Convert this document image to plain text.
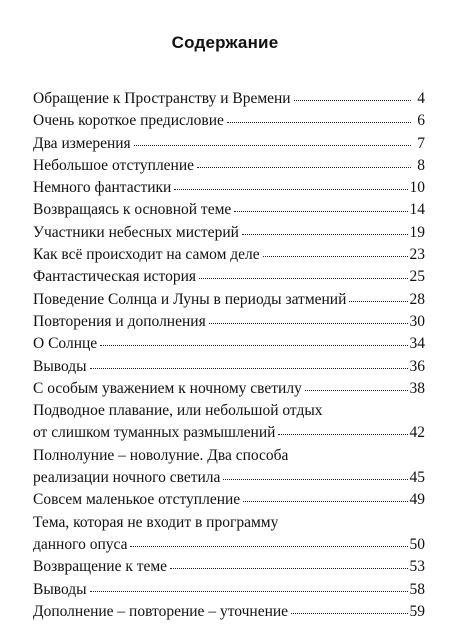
Содержание
Обращение к Пространству и Времени	4
Очень короткое предисловие	6
Два измерения	7
Небольшое отступление	8
Немного фантастики	10
Возвращаясь к основной теме	14
Участники небесных мистерий	19
Как всё происходит на самом деле	23
Фантастическая история	25
Поведение Солнца и Луны в периоды затмений	28
Повторения и дополнения	30
О Солнце	34
Выводы	36
С особым уважением к ночному светилу	38
Подводное плавание, или небольшой отдых
от слишком туманных размышлений	42
Полнолуние – новолуние. Два способа
реализации ночного светила	45
Совсем маленькое отступление	49
Тема, которая не входит в программу
данного опуса	50
Возвращение к теме	53
Выводы	58
Дополнение – повторение – уточнение	59
